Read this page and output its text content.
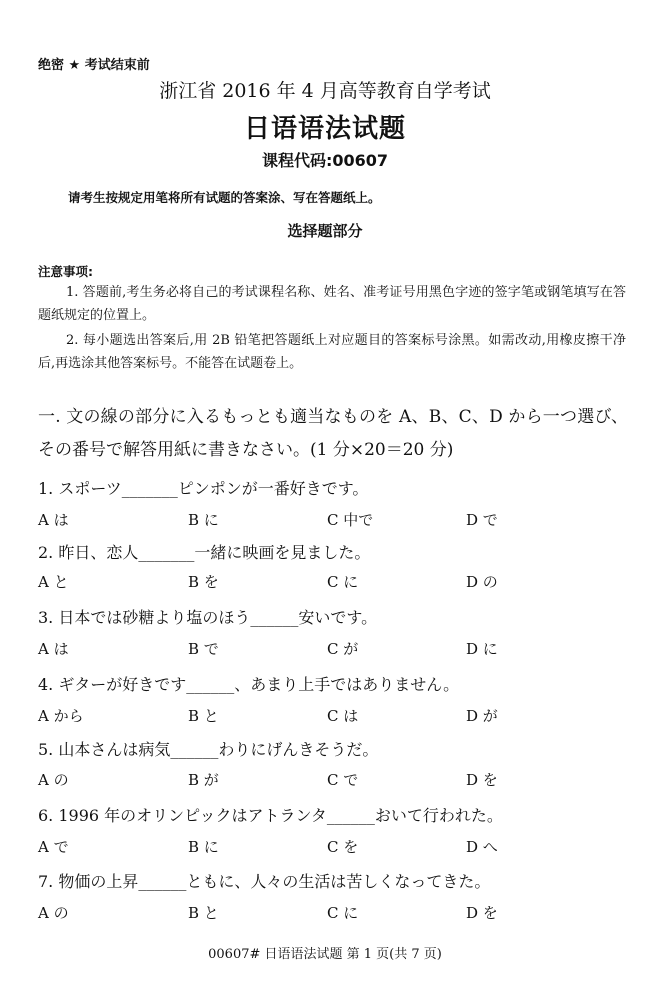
绝密 ★ 考试结束前
浙江省 2016 年 4 月高等教育自学考试
日语语法试题
课程代码:00607
请考生按规定用笔将所有试题的答案涂、写在答题纸上。
选择题部分
注意事项:
1. 答题前,考生务必将自己的考试课程名称、姓名、准考证号用黑色字迹的签字笔或钢笔填写在答题纸规定的位置上。
2. 每小题选出答案后,用 2B 铅笔把答题纸上对应题目的答案标号涂黑。如需改动,用橡皮擦干净后,再选涂其他答案标号。不能答在试题卷上。
一. 文の線の部分に入るもっとも適当なものを A、B、C、D から一つ選び、その番号で解答用紙に書きなさい。(1 分×20＝20 分)
1. スポーツ_______ピンポンが一番好きです。
A は	B に	C 中で	D で
2. 昨日、恋人_______一緒に映画を見ました。
A と	B を	C に	D の
3. 日本では砂糖より塩のほう______安いです。
A は	B で	C が	D に
4. ギターが好きです______、あまり上手ではありません。
A から	B と	C は	D が
5. 山本さんは病気______わりにげんきそうだ。
A の	B が	C で	D を
6. 1996 年のオリンピックはアトランタ______おいて行われた。
A で	B に	C を	D へ
7. 物価の上昇______ともに、人々の生活は苦しくなってきた。
A の	B と	C に	D を
00607# 日语语法试题 第 1 页(共 7 页)
